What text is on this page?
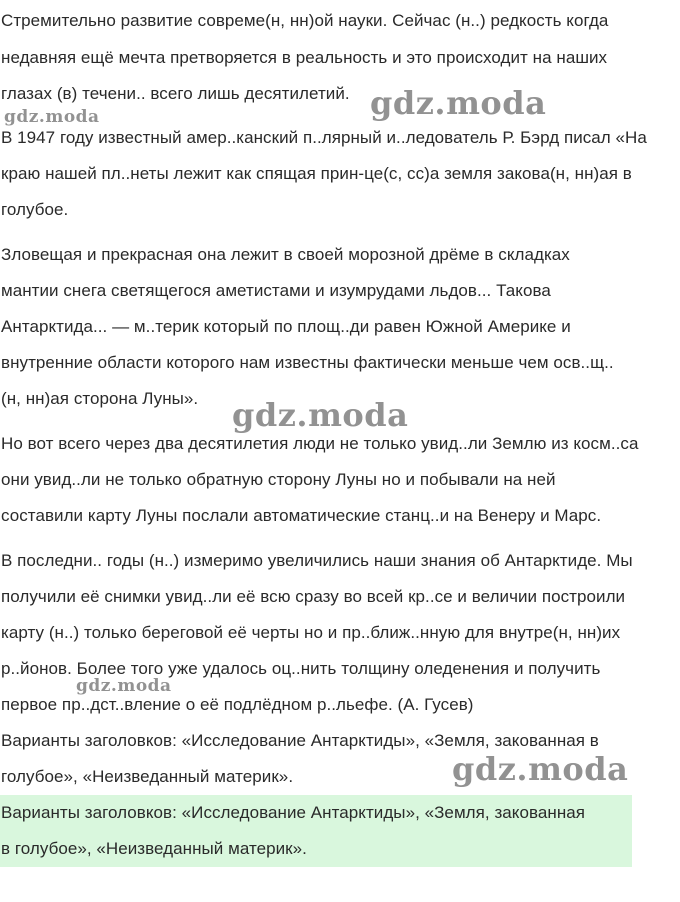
Стремительно развитие совреме(н, нн)ой науки. Сейчас (н..) редкость когда
недавняя ещё мечта претворяется в реальность и это происходит на наших
глазах (в) течени.. всего лишь десятилетий.
В 1947 году известный амер..канский п..лярный и..ледователь Р. Бэрд писал «На
краю нашей пл..неты лежит как спящая прин-це(с, сс)а земля закова(н, нн)ая в
голубое.
Зловещая и прекрасная она лежит в своей морозной дрёме в складках
мантии снега светящегося аметистами и изумрудами льдов... Такова
Антарктида... — м..терик который по площ..ди равен Южной Америке и
внутренние области которого нам известны фактически меньше чем осв..щ..
(н, нн)ая сторона Луны».
Но вот всего через два десятилетия люди не только увид..ли Землю из косм..са
они увид..ли не только обратную сторону Луны но и побывали на ней
составили карту Луны послали автоматические станц..и на Венеру и Марс.
В последни.. годы (н..) измеримо увеличились наши знания об Антарктиде. Мы
получили её снимки увид..ли её всю сразу во всей кр..се и величии построили
карту (н..) только береговой её черты но и пр..ближ..нную для внутре(н, нн)их
р..йонов. Более того уже удалось оц..нить толщину оледенения и получить
первое пр..дст..вление о её подлёдном р..льефе. (А. Гусев)
Варианты заголовков: «Исследование Антарктиды», «Земля, закованная в
голубое», «Неизведанный материк».
Варианты заголовков: «Исследование Антарктиды», «Земля, закованная
в голубое», «Неизведанный материк».
gdz.moda
gdz.moda
gdz.moda
gdz.moda
gdz.moda
